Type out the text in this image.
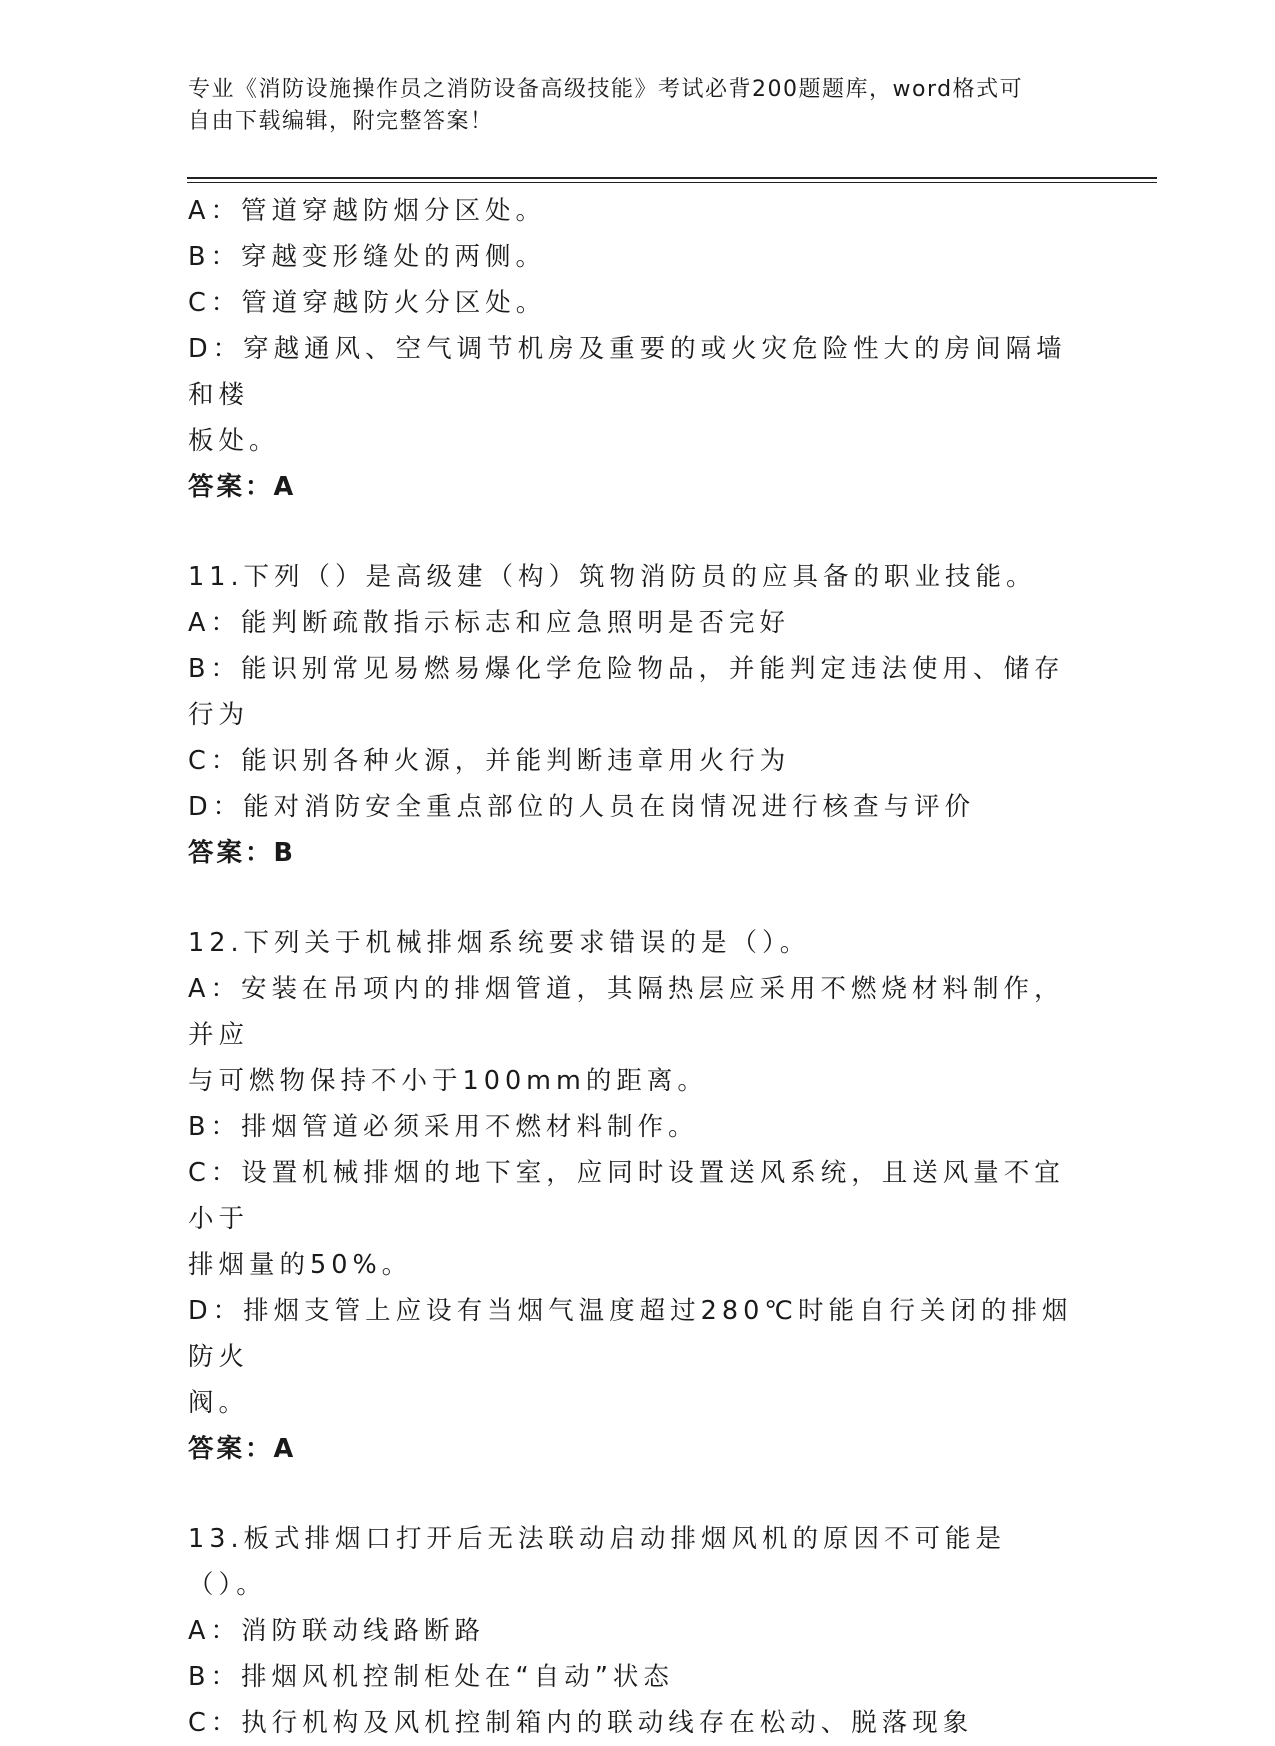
专业《消防设施操作员之消防设备高级技能》考试必背200题题库，word格式可
自由下载编辑，附完整答案！
A：管道穿越防烟分区处。
B：穿越变形缝处的两侧。
C：管道穿越防火分区处。
D：穿越通风、空气调节机房及重要的或火灾危险性大的房间隔墙和楼
板处。
答案：A
11.下列（）是高级建（构）筑物消防员的应具备的职业技能。
A：能判断疏散指示标志和应急照明是否完好
B：能识别常见易燃易爆化学危险物品，并能判定违法使用、储存行为
C：能识别各种火源，并能判断违章用火行为
D：能对消防安全重点部位的人员在岗情况进行核查与评价
答案：B
12.下列关于机械排烟系统要求错误的是（）。
A：安装在吊项内的排烟管道，其隔热层应采用不燃烧材料制作，并应
与可燃物保持不小于100mm的距离。
B：排烟管道必须采用不燃材料制作。
C：设置机械排烟的地下室，应同时设置送风系统，且送风量不宜小于
排烟量的50%。
D：排烟支管上应设有当烟气温度超过280℃时能自行关闭的排烟防火
阀。
答案：A
13.板式排烟口打开后无法联动启动排烟风机的原因不可能是（）。
A：消防联动线路断路
B：排烟风机控制柜处在“自动”状态
C：执行机构及风机控制箱内的联动线存在松动、脱落现象
